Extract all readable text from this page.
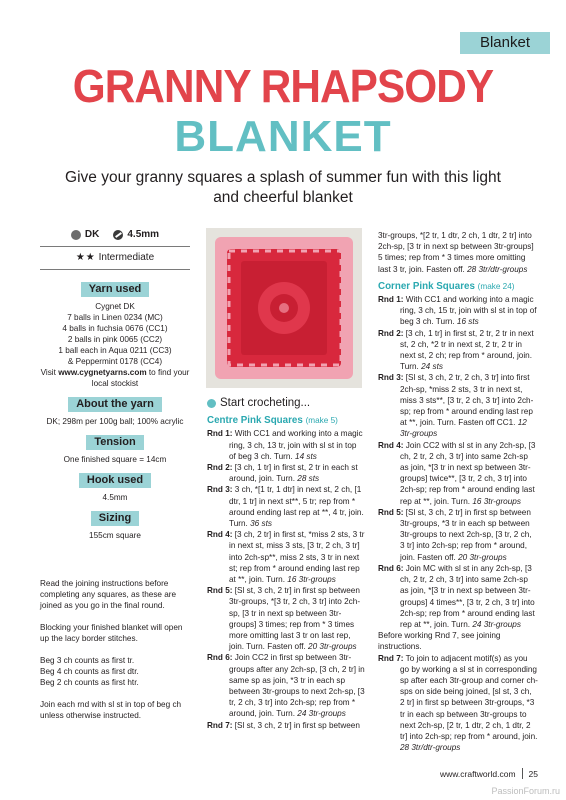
Blanket
GRANNY RHAPSODY
BLANKET
Give your granny squares a splash of summer fun with this light and cheerful blanket
DK	4.5mm
★★ Intermediate
Yarn used

Cygnet DK

7 balls in Linen 0234 (MC)

4 balls in fuchsia 0676 (CC1)

2 balls in pink 0065 (CC2)

1 ball each in Aqua 0211 (CC3)

& Peppermint 0178 (CC4)

Visit www.cygnetyarns.com to find your local stockist

About the yarn

DK; 298m per 100g ball; 100% acrylic

Tension

One finished square = 14cm

Hook used

4.5mm

Sizing

155cm square

Read the joining instructions before completing any squares, as these are joined as you go in the final round.

Blocking your finished blanket will open up the lacy border stitches.

Beg 3 ch counts as first tr.
Beg 4 ch counts as first dtr.
Beg 2 ch counts as first htr.

Join each rnd with sl st in top of beg ch unless otherwise instructed.

Start crocheting...
Centre Pink Squares (make 5)

Rnd 1: With CC1 and working into a magic ring, 3 ch, 13 tr, join with sl st in top of beg 3 ch. Turn. 14 sts

Rnd 2: [3 ch, 1 tr] in first st, 2 tr in each st around, join. Turn. 28 sts

Rnd 3: 3 ch, *[1 tr, 1 dtr] in next st, 2 ch, [1 dtr, 1 tr] in next st**, 5 tr; rep from * around ending last rep at **, 4 tr, join. Turn. 36 sts

Rnd 4: [3 ch, 2 tr] in first st, *miss 2 sts, 3 tr in next st, miss 3 sts, [3 tr, 2 ch, 3 tr] into 2ch-sp**, miss 2 sts, 3 tr in next st; rep from * around ending last rep at **, join. Turn. 16 3tr-groups

Rnd 5: [Sl st, 3 ch, 2 tr] in first sp between 3tr-groups, *[3 tr, 2 ch, 3 tr] into 2ch-sp, [3 tr in next sp between 3tr-groups] 3 times; rep from * 3 times more omitting last 3 tr on last rep, join. Turn. Fasten off. 20 3tr-groups

Rnd 6: Join CC2 in first sp between 3tr-groups after any 2ch-sp, [3 ch, 2 tr] in same sp as join, *3 tr in each sp between 3tr-groups to next 2ch-sp, [3 tr, 2 ch, 3 tr] into 2ch-sp; rep from * around, join. Turn. 24 3tr-groups

Rnd 7: [Sl st, 3 ch, 2 tr] in first sp between

3tr-groups, *[2 tr, 1 dtr, 2 ch, 1 dtr, 2 tr] into 2ch-sp, [3 tr in next sp between 3tr-groups] 5 times; rep from * 3 times more omitting last 3 tr, join. Fasten off. 28 3tr/dtr-groups

Corner Pink Squares (make 24)

Rnd 1: With CC1 and working into a magic ring, 3 ch, 15 tr, join with sl st in top of beg 3 ch. Turn. 16 sts

Rnd 2: [3 ch, 1 tr] in first st, 2 tr, 2 tr in next st, 2 ch, *2 tr in next st, 2 tr, 2 tr in next st, 2 ch; rep from * around, join. Turn. 24 sts

Rnd 3: [Sl st, 3 ch, 2 tr, 2 ch, 3 tr] into first 2ch-sp, *miss 2 sts, 3 tr in next st, miss 3 sts**, [3 tr, 2 ch, 3 tr] into 2ch-sp; rep from * around ending last rep at **, join. Turn. Fasten off CC1. 12 3tr-groups

Rnd 4: Join CC2 with sl st in any 2ch-sp, [3 ch, 2 tr, 2 ch, 3 tr] into same 2ch-sp as join, *[3 tr in next sp between 3tr-groups] twice**, [3 tr, 2 ch, 3 tr] into 2ch-sp; rep from * around ending last rep at **, join. Turn. 16 3tr-groups

Rnd 5: [Sl st, 3 ch, 2 tr] in first sp between 3tr-groups, *3 tr in each sp between 3tr-groups to next 2ch-sp, [3 tr, 2 ch, 3 tr] into 2ch-sp; rep from * around, join. Fasten off. 20 3tr-groups

Rnd 6: Join MC with sl st in any 2ch-sp, [3 ch, 2 tr, 2 ch, 3 tr] into same 2ch-sp as join, *[3 tr in next sp between 3tr-groups] 4 times**, [3 tr, 2 ch, 3 tr] into 2ch-sp; rep from * around ending last rep at **, join. Turn. 24 3tr-groups

Before working Rnd 7, see joining instructions.

Rnd 7: To join to adjacent motif(s) as you go by working a sl st in corresponding sp after each 3tr-group and corner ch-sps on side being joined, [sl st, 3 ch, 2 tr] in first sp between 3tr-groups, *3 tr in each sp between 3tr-groups to next 2ch-sp, [2 tr, 1 dtr, 2 ch, 1 dtr, 2 tr] into 2ch-sp; rep from * around, join. 28 3tr/dtr-groups

www.craftworld.com 25
PassionForum.ru
